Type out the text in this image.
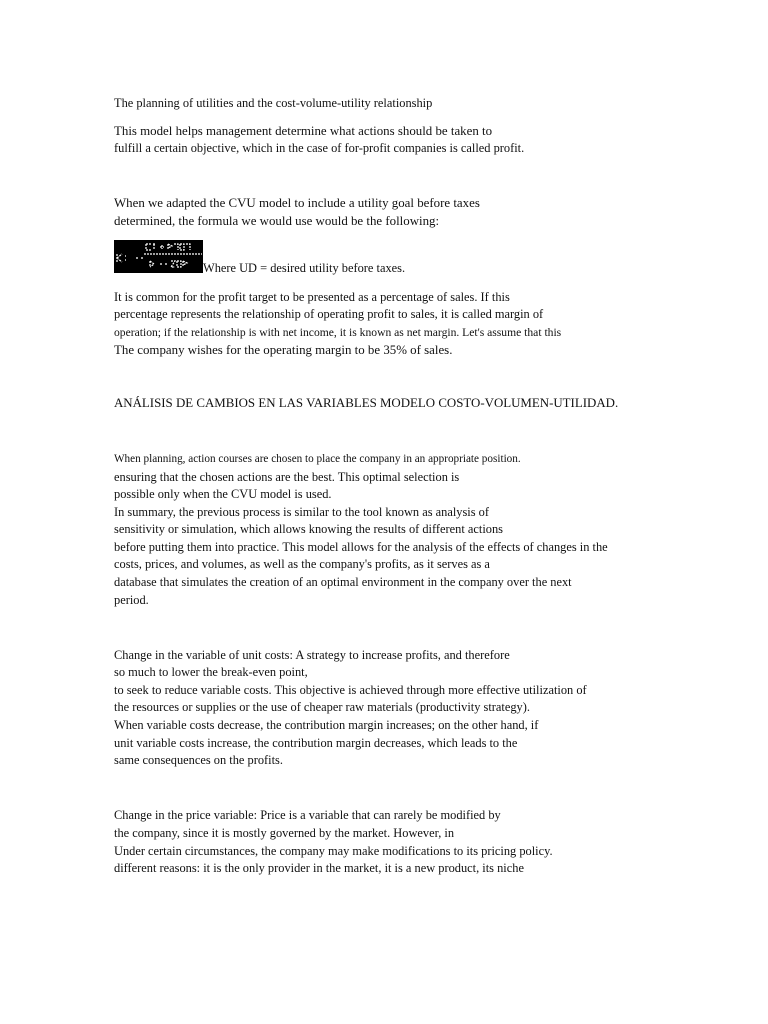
The planning of utilities and the cost-volume-utility relationship
This model helps management determine what actions should be taken to
fulfill a certain objective, which in the case of for-profit companies is called profit.
When we adapted the CVU model to include a utility goal before taxes
determined, the formula we would use would be the following:
Where UD = desired utility before taxes.
It is common for the profit target to be presented as a percentage of sales. If this
percentage represents the relationship of operating profit to sales, it is called margin of
operation; if the relationship is with net income, it is known as net margin. Let's assume that this
The company wishes for the operating margin to be 35% of sales.
ANÁLISIS DE CAMBIOS EN LAS VARIABLES MODELO COSTO-VOLUMEN-UTILIDAD.
When planning, action courses are chosen to place the company in an appropriate position.
ensuring that the chosen actions are the best. This optimal selection is
possible only when the CVU model is used.
In summary, the previous process is similar to the tool known as analysis of
sensitivity or simulation, which allows knowing the results of different actions
before putting them into practice. This model allows for the analysis of the effects of changes in the
costs, prices, and volumes, as well as the company's profits, as it serves as a
database that simulates the creation of an optimal environment in the company over the next
period.
Change in the variable of unit costs: A strategy to increase profits, and therefore
so much to lower the break-even point,
to seek to reduce variable costs. This objective is achieved through more effective utilization of
the resources or supplies or the use of cheaper raw materials (productivity strategy).
When variable costs decrease, the contribution margin increases; on the other hand, if
unit variable costs increase, the contribution margin decreases, which leads to the
same consequences on the profits.
Change in the price variable: Price is a variable that can rarely be modified by
the company, since it is mostly governed by the market. However, in
Under certain circumstances, the company may make modifications to its pricing policy.
different reasons: it is the only provider in the market, it is a new product, its niche
